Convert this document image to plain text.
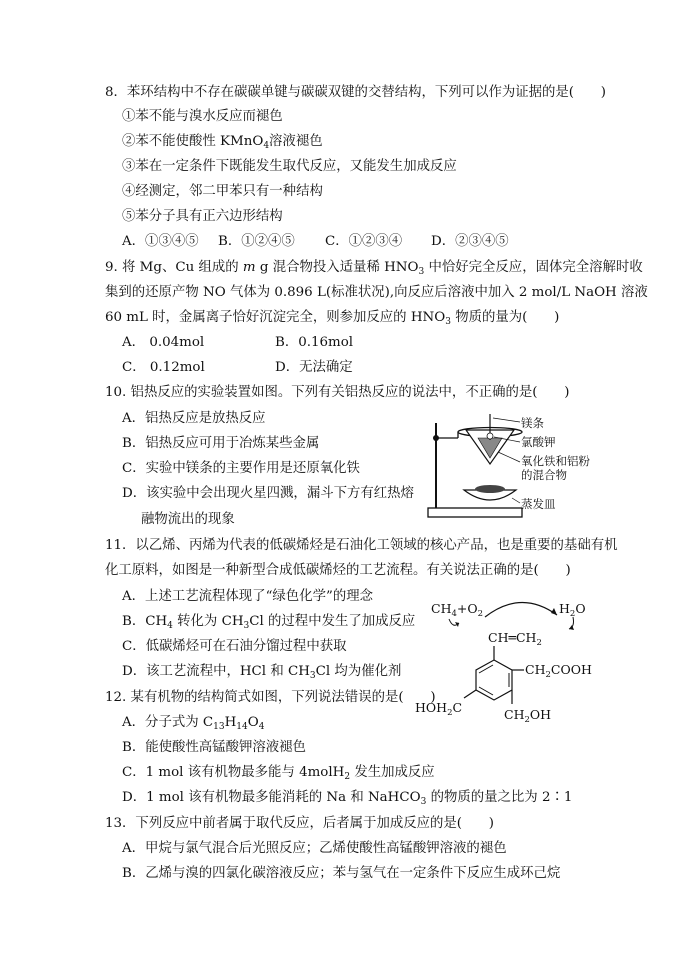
8．苯环结构中不存在碳碳单键与碳碳双键的交替结构，下列可以作为证据的是(　　)
①苯不能与溴水反应而褪色
②苯不能使酸性 KMnO$_4$溶液褪色
③苯在一定条件下既能发生取代反应，又能发生加成反应
④经测定，邻二甲苯只有一种结构
⑤苯分子具有正六边形结构
A．①③④⑤ B．①②④⑤ C．①②③④ D．②③④⑤
9. 将 Mg、Cu 组成的 m g 混合物投入适量稀 $HNO_3$ 中恰好完全反应，固体完全溶解时收
集到的还原产物 NO 气体为 0.896 L(标准状况),向反应后溶液中加入 2 mol/L NaOH 溶液
60 mL 时，金属离子恰好沉淀完全，则参加反应的 $HNO_3$ 物质的量为(　　)
A． 0.04mol	B．0.16mol
C． 0.12mol	D．无法确定
10. 铝热反应的实验装置如图。下列有关铝热反应的说法中，不正确的是(　　)
A．铝热反应是放热反应
B．铝热反应可用于冶炼某些金属
C．实验中镁条的主要作用是还原氧化铁
D．该实验中会出现火星四溅，漏斗下方有红热熔
融物流出的现象
镁条
氯酸钾
氧化铁和铝粉
的混合物
蒸发皿
11．以乙烯、丙烯为代表的低碳烯烃是石油化工领域的核心产品，也是重要的基础有机
化工原料，如图是一种新型合成低碳烯烃的工艺流程。有关说法正确的是(　　)
A．上述工艺流程体现了“绿色化学”的理念
B．$CH_4$ 转化为 $CH_3Cl$ 的过程中发生了加成反应
C．低碳烯烃可在石油分馏过程中获取
D．该工艺流程中，HCl 和 $CH_3Cl$ 均为催化剂
$CH_4+O_2$	$H_2O$
12. 某有机物的结构简式如图，下列说法错误的是(　　)
A．分子式为 $C_{13}H_{14}O_4$
B．能使酸性高锰酸钾溶液褪色
C．1 mol 该有机物最多能与 4molH$_2$ 发生加成反应
D．1 mol 该有机物最多能消耗的 Na 和 NaHCO$_3$ 的物质的量之比为 2∶1
$CH═CH_2$
$CH_2COOH$
$HOH_2C$	$CH_2OH$
13．下列反应中前者属于取代反应，后者属于加成反应的是(　　)
A．甲烷与氯气混合后光照反应；乙烯使酸性高锰酸钾溶液的褪色
B．乙烯与溴的四氯化碳溶液反应；苯与氢气在一定条件下反应生成环己烷
